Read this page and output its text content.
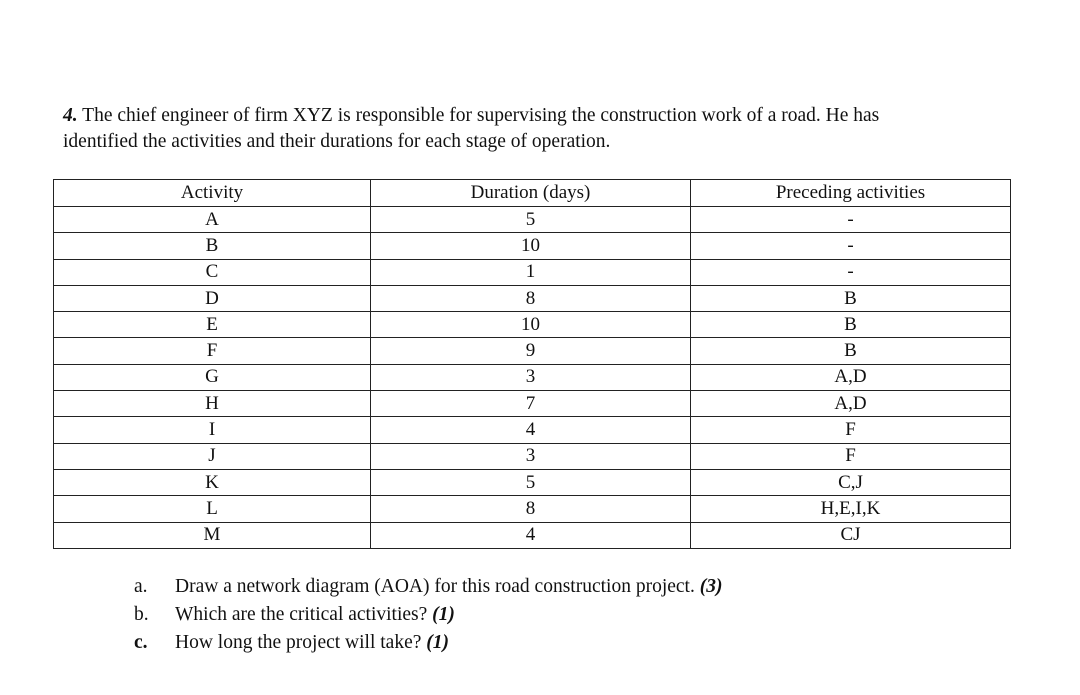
4. The chief engineer of firm XYZ is responsible for supervising the construction work of a road. He has
identified the activities and their durations for each stage of operation.
Activity	Duration (days)	Preceding activities
A	5	-
B	10	-
C	1	-
D	8	B
E	10	B
F	9	B
G	3	A,D
H	7	A,D
I	4	F
J	3	F
K	5	C,J
L	8	H,E,I,K
M	4	CJ
a.	Draw a network diagram (AOA) for this road construction project. (3)
b.	Which are the critical activities? (1)
c.	How long the project will take? (1)
